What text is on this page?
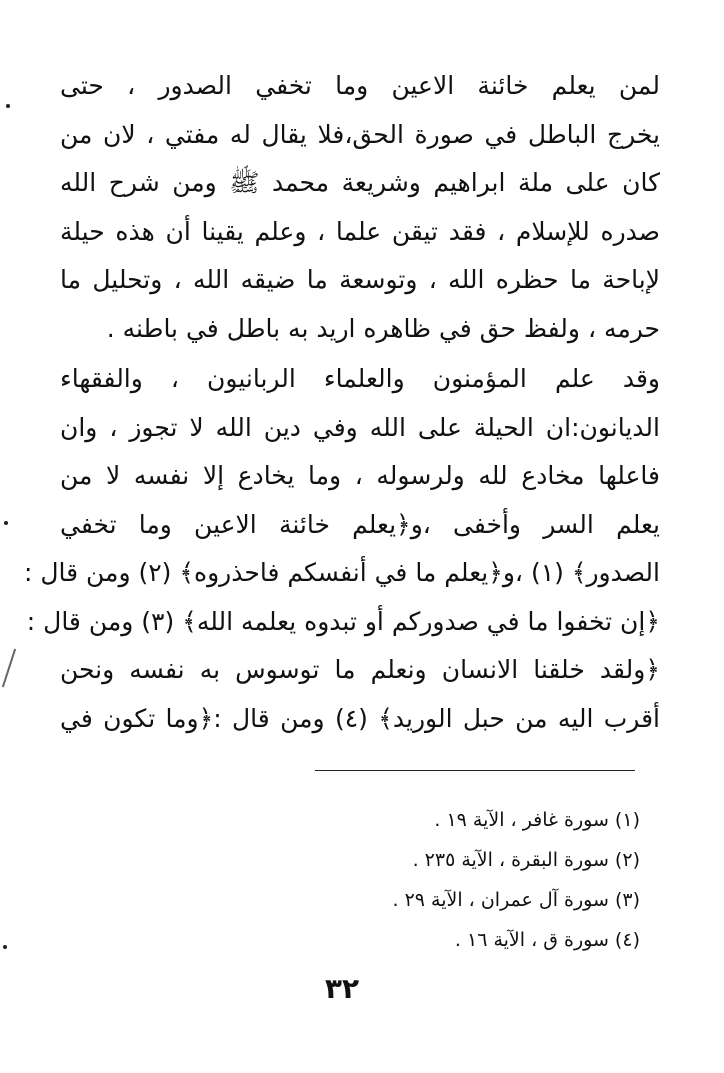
لمن يعلم خائنة الاعين وما تخفي الصدور ، حتى
يخرج الباطل في صورة الحق،فلا يقال له مفتي ، لان من
كان على ملة ابراهيم وشريعة محمد ﷺ ومن شرح الله
صدره للإسلام ، فقد تيقن علما ، وعلم يقينا أن هذه حيلة
لإباحة ما حظره الله ، وتوسعة ما ضيقه الله ، وتحليل ما
حرمه ، ولفظ حق في ظاهره اريد به باطل في باطنه .
وقد علم المؤمنون والعلماء الربانيون ، والفقهاء
الديانون:ان الحيلة على الله وفي دين الله لا تجوز ، وان
فاعلها مخادع لله ولرسوله ، وما يخادع إلا نفسه لا من
يعلم السر وأخفى ،و﴿يعلم خائنة الاعين وما تخفي
الصدور﴾ (١) ،و﴿يعلم ما في أنفسكم فاحذروه﴾ (٢) ومن قال :
﴿إن تخفوا ما في صدوركم أو تبدوه يعلمه الله﴾ (٣) ومن قال :
﴿ولقد خلقنا الانسان ونعلم ما توسوس به نفسه ونحن
أقرب اليه من حبل الوريد﴾ (٤) ومن قال :﴿وما تكون في
(١) سورة غافر ، الآية ١٩ .
(٢) سورة البقرة ، الآية ٢٣٥ .
(٣) سورة آل عمران ، الآية ٢٩ .
(٤) سورة ق ، الآية ١٦ .
٣٢
